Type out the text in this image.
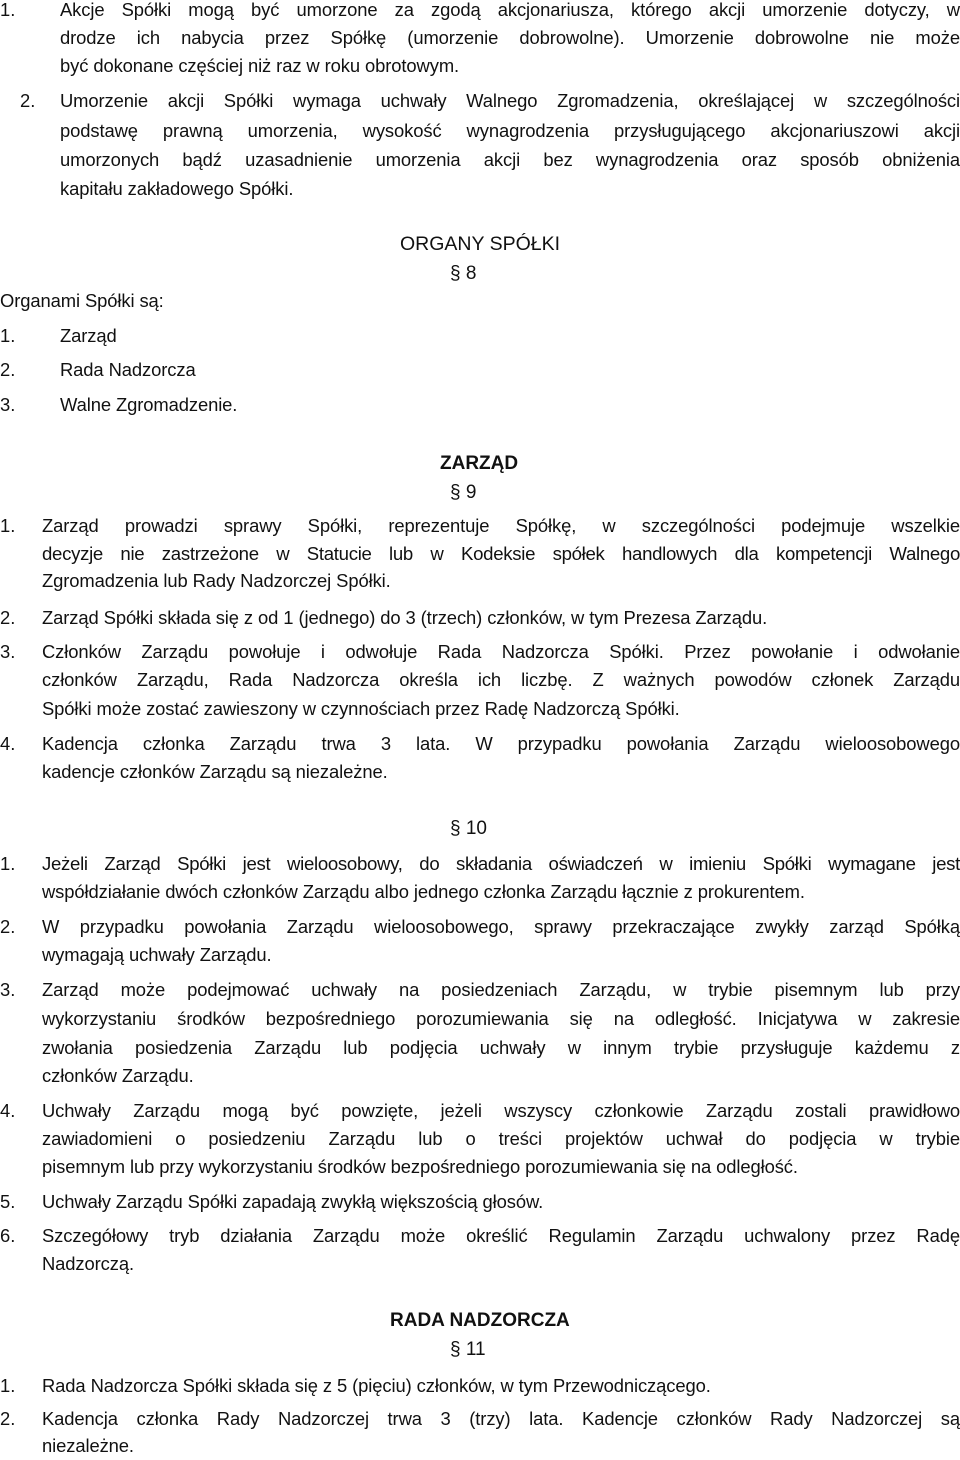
1. Akcje Spółki mogą być umorzone za zgodą akcjonariusza, którego akcji umorzenie dotyczy, w
drodze ich nabycia przez Spółkę (umorzenie dobrowolne). Umorzenie dobrowolne nie może
być dokonane częściej niż raz w roku obrotowym.
2. Umorzenie akcji Spółki wymaga uchwały Walnego Zgromadzenia, określającej w szczególności
podstawę prawną umorzenia, wysokość wynagrodzenia przysługującego akcjonariuszowi akcji
umorzonych bądź uzasadnienie umorzenia akcji bez wynagrodzenia oraz sposób obniżenia
kapitału zakładowego Spółki.
ORGANY SPÓŁKI
§ 8
Organami Spółki są:
1. Zarząd
2. Rada Nadzorcza
3. Walne Zgromadzenie.
ZARZĄD
§ 9
1. Zarząd prowadzi sprawy Spółki, reprezentuje Spółkę, w szczególności podejmuje wszelkie
decyzje nie zastrzeżone w Statucie lub w Kodeksie spółek handlowych dla kompetencji Walnego
Zgromadzenia lub Rady Nadzorczej Spółki.
2. Zarząd Spółki składa się z od 1 (jednego) do 3 (trzech) członków, w tym Prezesa Zarządu.
3. Członków Zarządu powołuje i odwołuje Rada Nadzorcza Spółki. Przez powołanie i odwołanie
członków Zarządu, Rada Nadzorcza określa ich liczbę. Z ważnych powodów członek Zarządu
Spółki może zostać zawieszony w czynnościach przez Radę Nadzorczą Spółki.
4. Kadencja członka Zarządu trwa 3 lata. W przypadku powołania Zarządu wieloosobowego
kadencje członków Zarządu są niezależne.
§ 10
1. Jeżeli Zarząd Spółki jest wieloosobowy, do składania oświadczeń w imieniu Spółki wymagane jest
współdziałanie dwóch członków Zarządu albo jednego członka Zarządu łącznie z prokurentem.
2. W przypadku powołania Zarządu wieloosobowego, sprawy przekraczające zwykły zarząd Spółką
wymagają uchwały Zarządu.
3. Zarząd może podejmować uchwały na posiedzeniach Zarządu, w trybie pisemnym lub przy
wykorzystaniu środków bezpośredniego porozumiewania się na odległość. Inicjatywa w zakresie
zwołania posiedzenia Zarządu lub podjęcia uchwały w innym trybie przysługuje każdemu z
członków Zarządu.
4. Uchwały Zarządu mogą być powzięte, jeżeli wszyscy członkowie Zarządu zostali prawidłowo
zawiadomieni o posiedzeniu Zarządu lub o treści projektów uchwał do podjęcia w trybie
pisemnym lub przy wykorzystaniu środków bezpośredniego porozumiewania się na odległość.
5. Uchwały Zarządu Spółki zapadają zwykłą większością głosów.
6. Szczegółowy tryb działania Zarządu może określić Regulamin Zarządu uchwalony przez Radę
Nadzorczą.
RADA NADZORCZA
§ 11
1. Rada Nadzorcza Spółki składa się z 5 (pięciu) członków, w tym Przewodniczącego.
2. Kadencja członka Rady Nadzorczej trwa 3 (trzy) lata. Kadencje członków Rady Nadzorczej są
niezależne.
